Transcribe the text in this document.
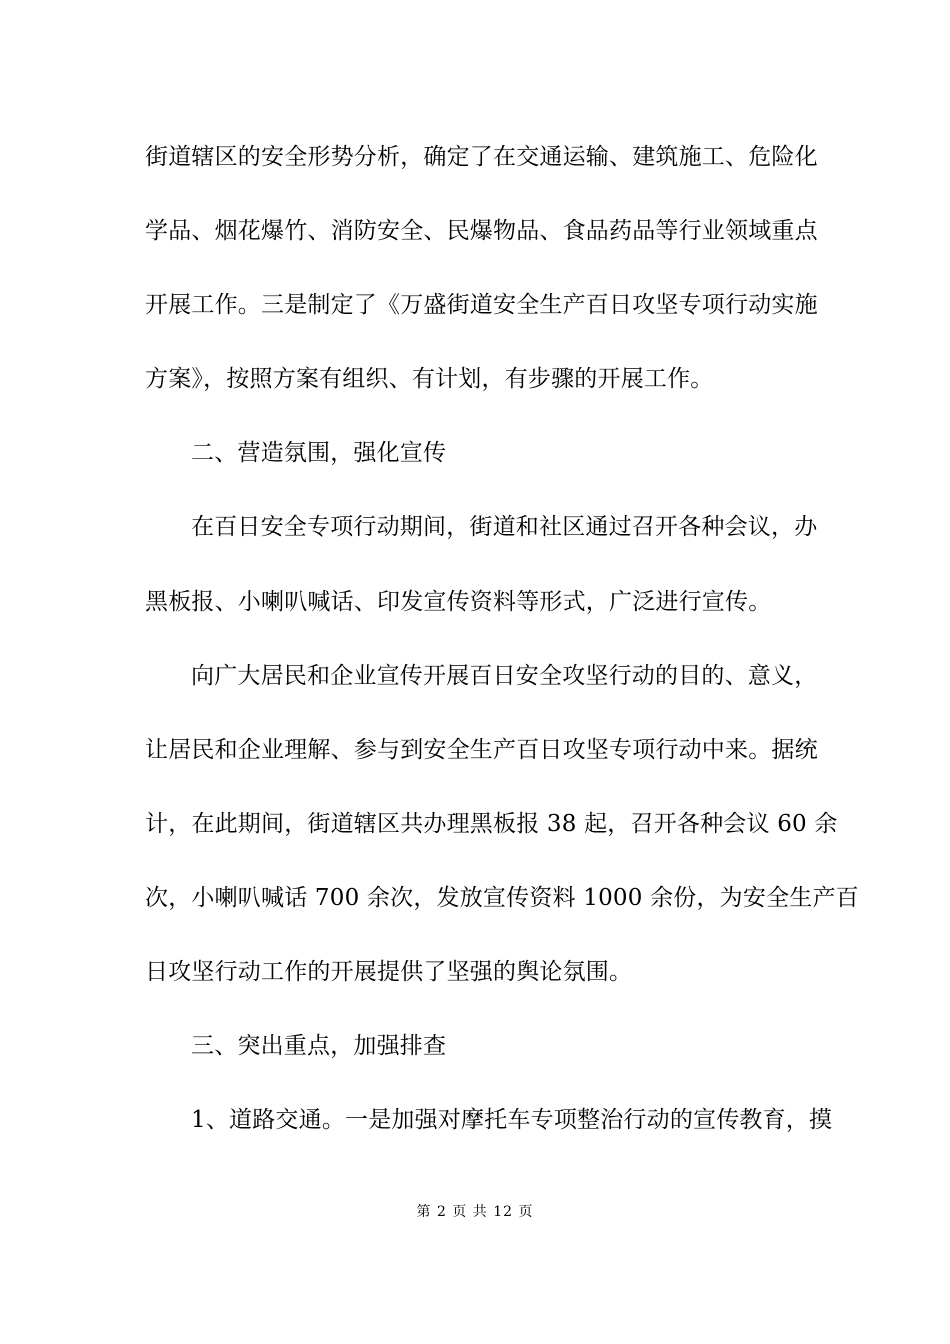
街道辖区的安全形势分析，确定了在交通运输、建筑施工、危险化
学品、烟花爆竹、消防安全、民爆物品、食品药品等行业领域重点
开展工作。三是制定了《万盛街道安全生产百日攻坚专项行动实施
方案》，按照方案有组织、有计划，有步骤的开展工作。
二、营造氛围，强化宣传
在百日安全专项行动期间，街道和社区通过召开各种会议，办
黑板报、小喇叭喊话、印发宣传资料等形式，广泛进行宣传。
向广大居民和企业宣传开展百日安全攻坚行动的目的、意义，
让居民和企业理解、参与到安全生产百日攻坚专项行动中来。据统
计，在此期间，街道辖区共办理黑板报 38 起，召开各种会议 60 余
次，小喇叭喊话 700 余次，发放宣传资料 1000 余份，为安全生产百
日攻坚行动工作的开展提供了坚强的舆论氛围。
三、突出重点，加强排查
1、道路交通。一是加强对摩托车专项整治行动的宣传教育，摸
第 2 页 共 12 页
